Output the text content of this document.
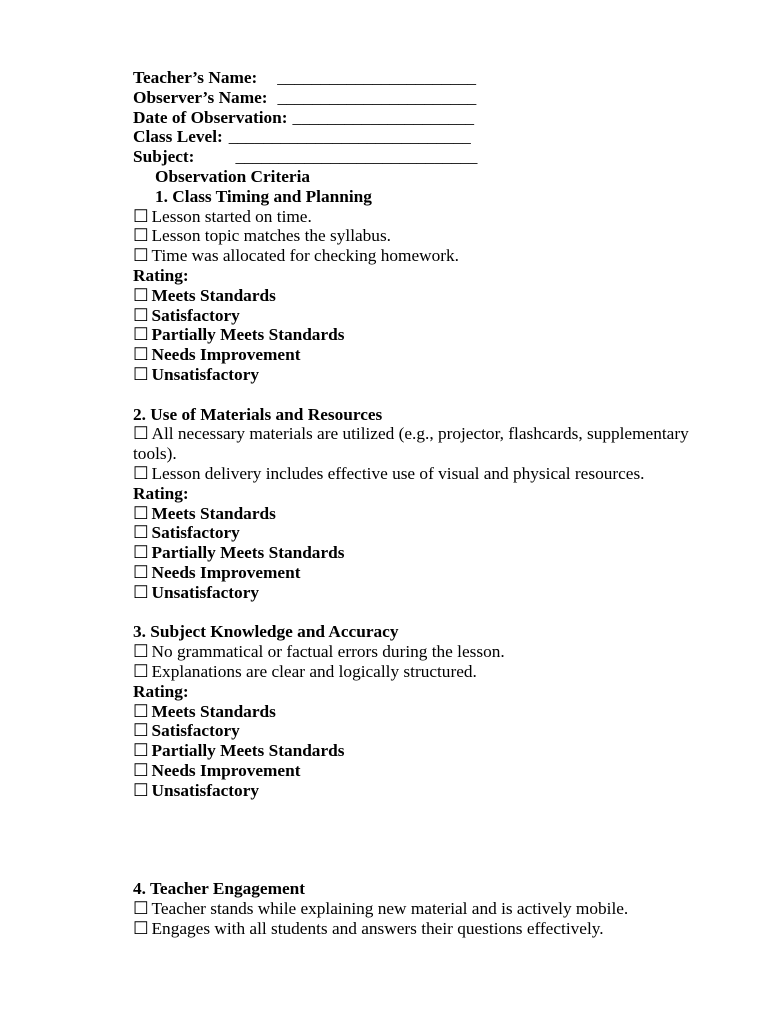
Teacher’s Name: _______________________
Observer’s Name: _______________________
Date of Observation: _____________________
Class Level: ____________________________
Subject: ____________________________
Observation Criteria
1. Class Timing and Planning
☐ Lesson started on time.
☐ Lesson topic matches the syllabus.
☐ Time was allocated for checking homework.
Rating:
☐ Meets Standards
☐ Satisfactory
☐ Partially Meets Standards
☐ Needs Improvement
☐ Unsatisfactory
2. Use of Materials and Resources
☐ All necessary materials are utilized (e.g., projector, flashcards, supplementary tools).
☐ Lesson delivery includes effective use of visual and physical resources.
Rating:
☐ Meets Standards
☐ Satisfactory
☐ Partially Meets Standards
☐ Needs Improvement
☐ Unsatisfactory
3. Subject Knowledge and Accuracy
☐ No grammatical or factual errors during the lesson.
☐ Explanations are clear and logically structured.
Rating:
☐ Meets Standards
☐ Satisfactory
☐ Partially Meets Standards
☐ Needs Improvement
☐ Unsatisfactory
4. Teacher Engagement
☐ Teacher stands while explaining new material and is actively mobile.
☐ Engages with all students and answers their questions effectively.
